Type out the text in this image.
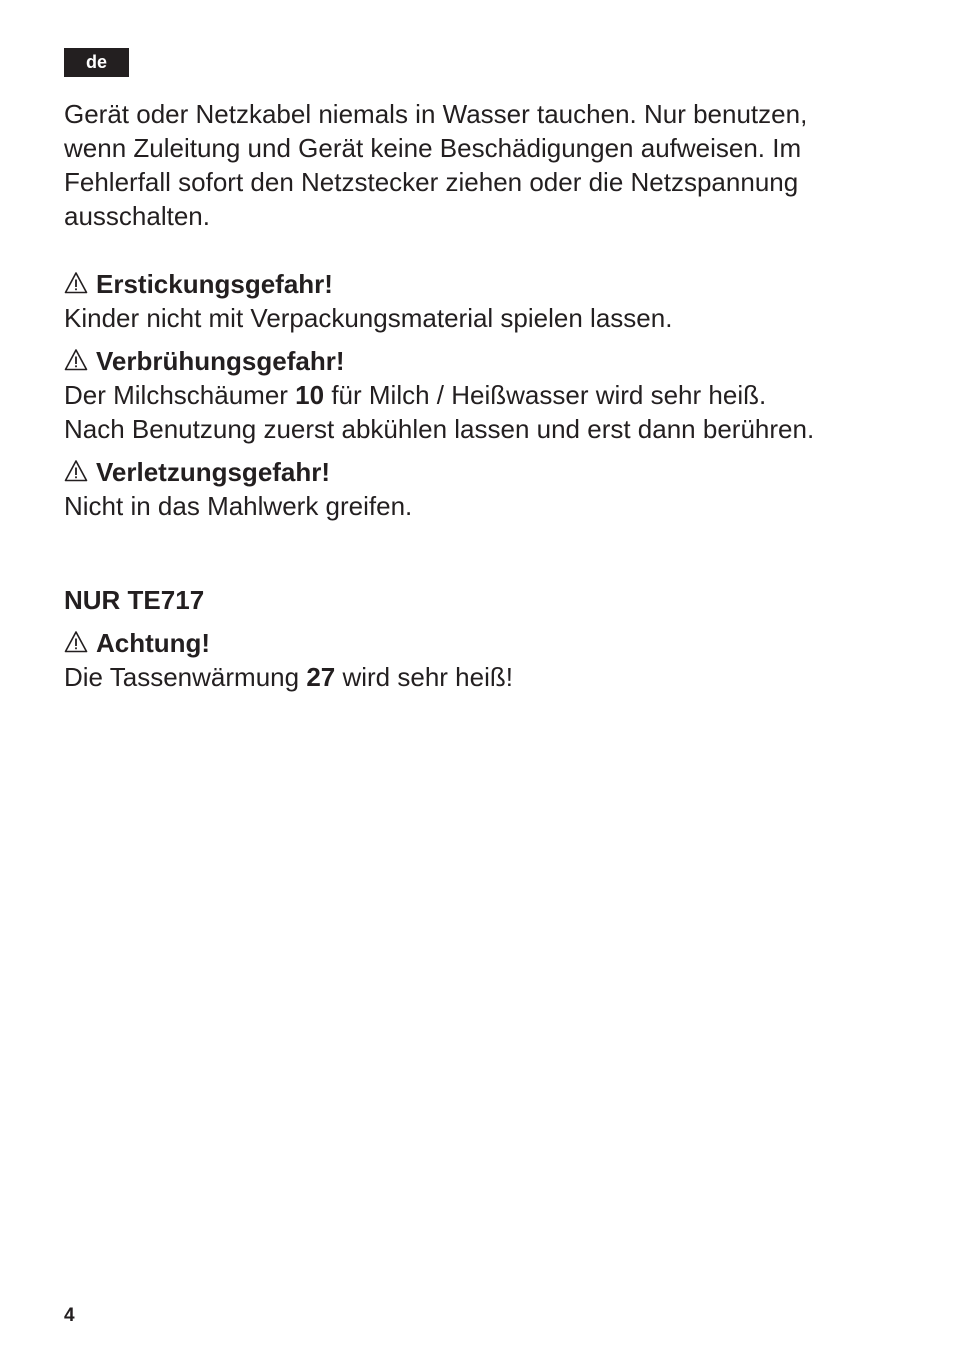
de

Gerät oder Netzkabel niemals in Wasser tauchen. Nur benutzen,
wenn Zuleitung und Gerät keine Beschädigungen aufweisen. Im
Fehlerfall sofort den Netzstecker ziehen oder die Netzspannung
ausschalten.

Erstickungsgefahr!
Kinder nicht mit Verpackungsmaterial spielen lassen.
Verbrühungsgefahr!
Der Milchschäumer 10 für Milch / Heißwasser wird sehr heiß.
Nach Benutzung zuerst abkühlen lassen und erst dann berühren.
Verletzungsgefahr!
Nicht in das Mahlwerk greifen.
NUR TE717
Achtung!
Die Tassenwärmung 27 wird sehr heiß!
4
